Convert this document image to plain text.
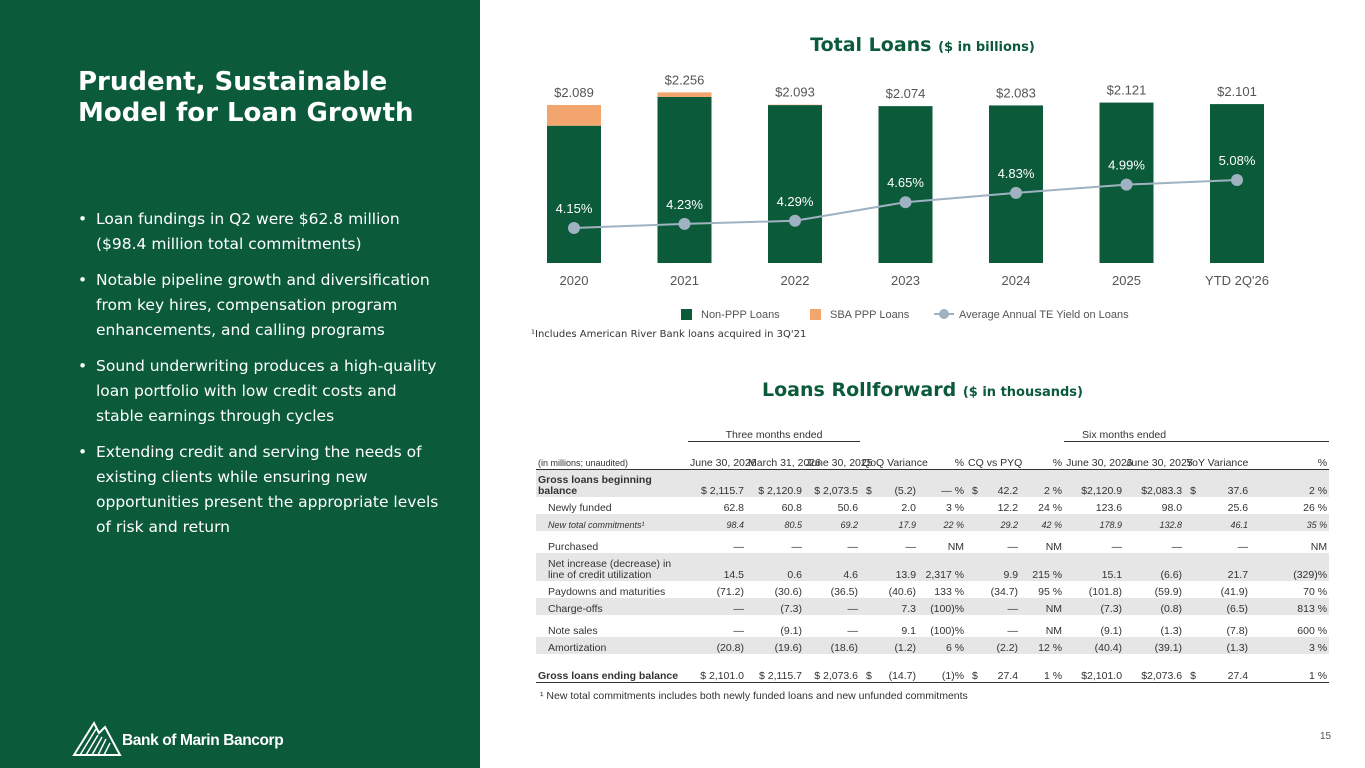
Prudent, Sustainable Model for Loan Growth
• Loan fundings in Q2 were $62.8 million ($98.4 million total commitments)
• Notable pipeline growth and diversification from key hires, compensation program enhancements, and calling programs
• Sound underwriting produces a high-quality loan portfolio with low credit costs and stable earnings through cycles
• Extending credit and serving the needs of existing clients while ensuring new opportunities present the appropriate levels of risk and return
Bank of Marin Bancorp
Total Loans ($ in billions)
$2.089
2020
$2.256
2021
$2.093
2022
$2.074
2023
$2.083
2024
$2.121
2025
$2.101
YTD 2Q'26
4.15%	4.23%	4.29%
4.65%
4.83%
4.99%	5.08%
Non-PPP Loans	SBA PPP Loans	Average Annual TE Yield on Loans
¹Includes American River Bank loans acquired in 3Q'21
Loans Rollforward ($ in thousands)
	Three months ended									Six months ended				
(in millions; unaudited)	June 30, 2026	March 31, 2026	June 30, 2025	QoQ Variance		%	CQ vs PYQ		%	June 30, 2026	June 30, 2025	YoY Variance		%
Gross loans beginning balance	$ 2,115.7	$ 2,120.9	$ 2,073.5	$	(5.2)	— %	$	42.2	2 %	$2,120.9	$2,083.3	$	37.6	2 %
Newly funded	62.8	60.8	50.6		2.0	3 %		12.2	24 %	123.6	98.0		25.6	26 %
New total commitments¹	98.4	80.5	69.2		17.9	22 %		29.2	42 %	178.9	132.8		46.1	35 %

Purchased	—	—	—		—	NM		—	NM	—	—		—	NM
Net increase (decrease) in line of credit utilization	14.5	0.6	4.6		13.9	2,317 %		9.9	215 %	15.1	(6.6)		21.7	(329)%
Paydowns and maturities	(71.2)	(30.6)	(36.5)		(40.6)	133 %		(34.7)	95 %	(101.8)	(59.9)		(41.9)	70 %
Charge-offs	—	(7.3)	—		7.3	(100)%		—	NM	(7.3)	(0.8)		(6.5)	813 %

Note sales	—	(9.1)	—		9.1	(100)%		—	NM	(9.1)	(1.3)		(7.8)	600 %
Amortization	(20.8)	(19.6)	(18.6)		(1.2)	6 %		(2.2)	12 %	(40.4)	(39.1)		(1.3)	3 %
Gross loans ending balance	$ 2,101.0	$ 2,115.7	$ 2,073.6	$	(14.7)	(1)%	$	27.4	1 %	$2,101.0	$2,073.6	$	27.4	1 %
¹ New total commitments includes both newly funded loans and new unfunded commitments
15
